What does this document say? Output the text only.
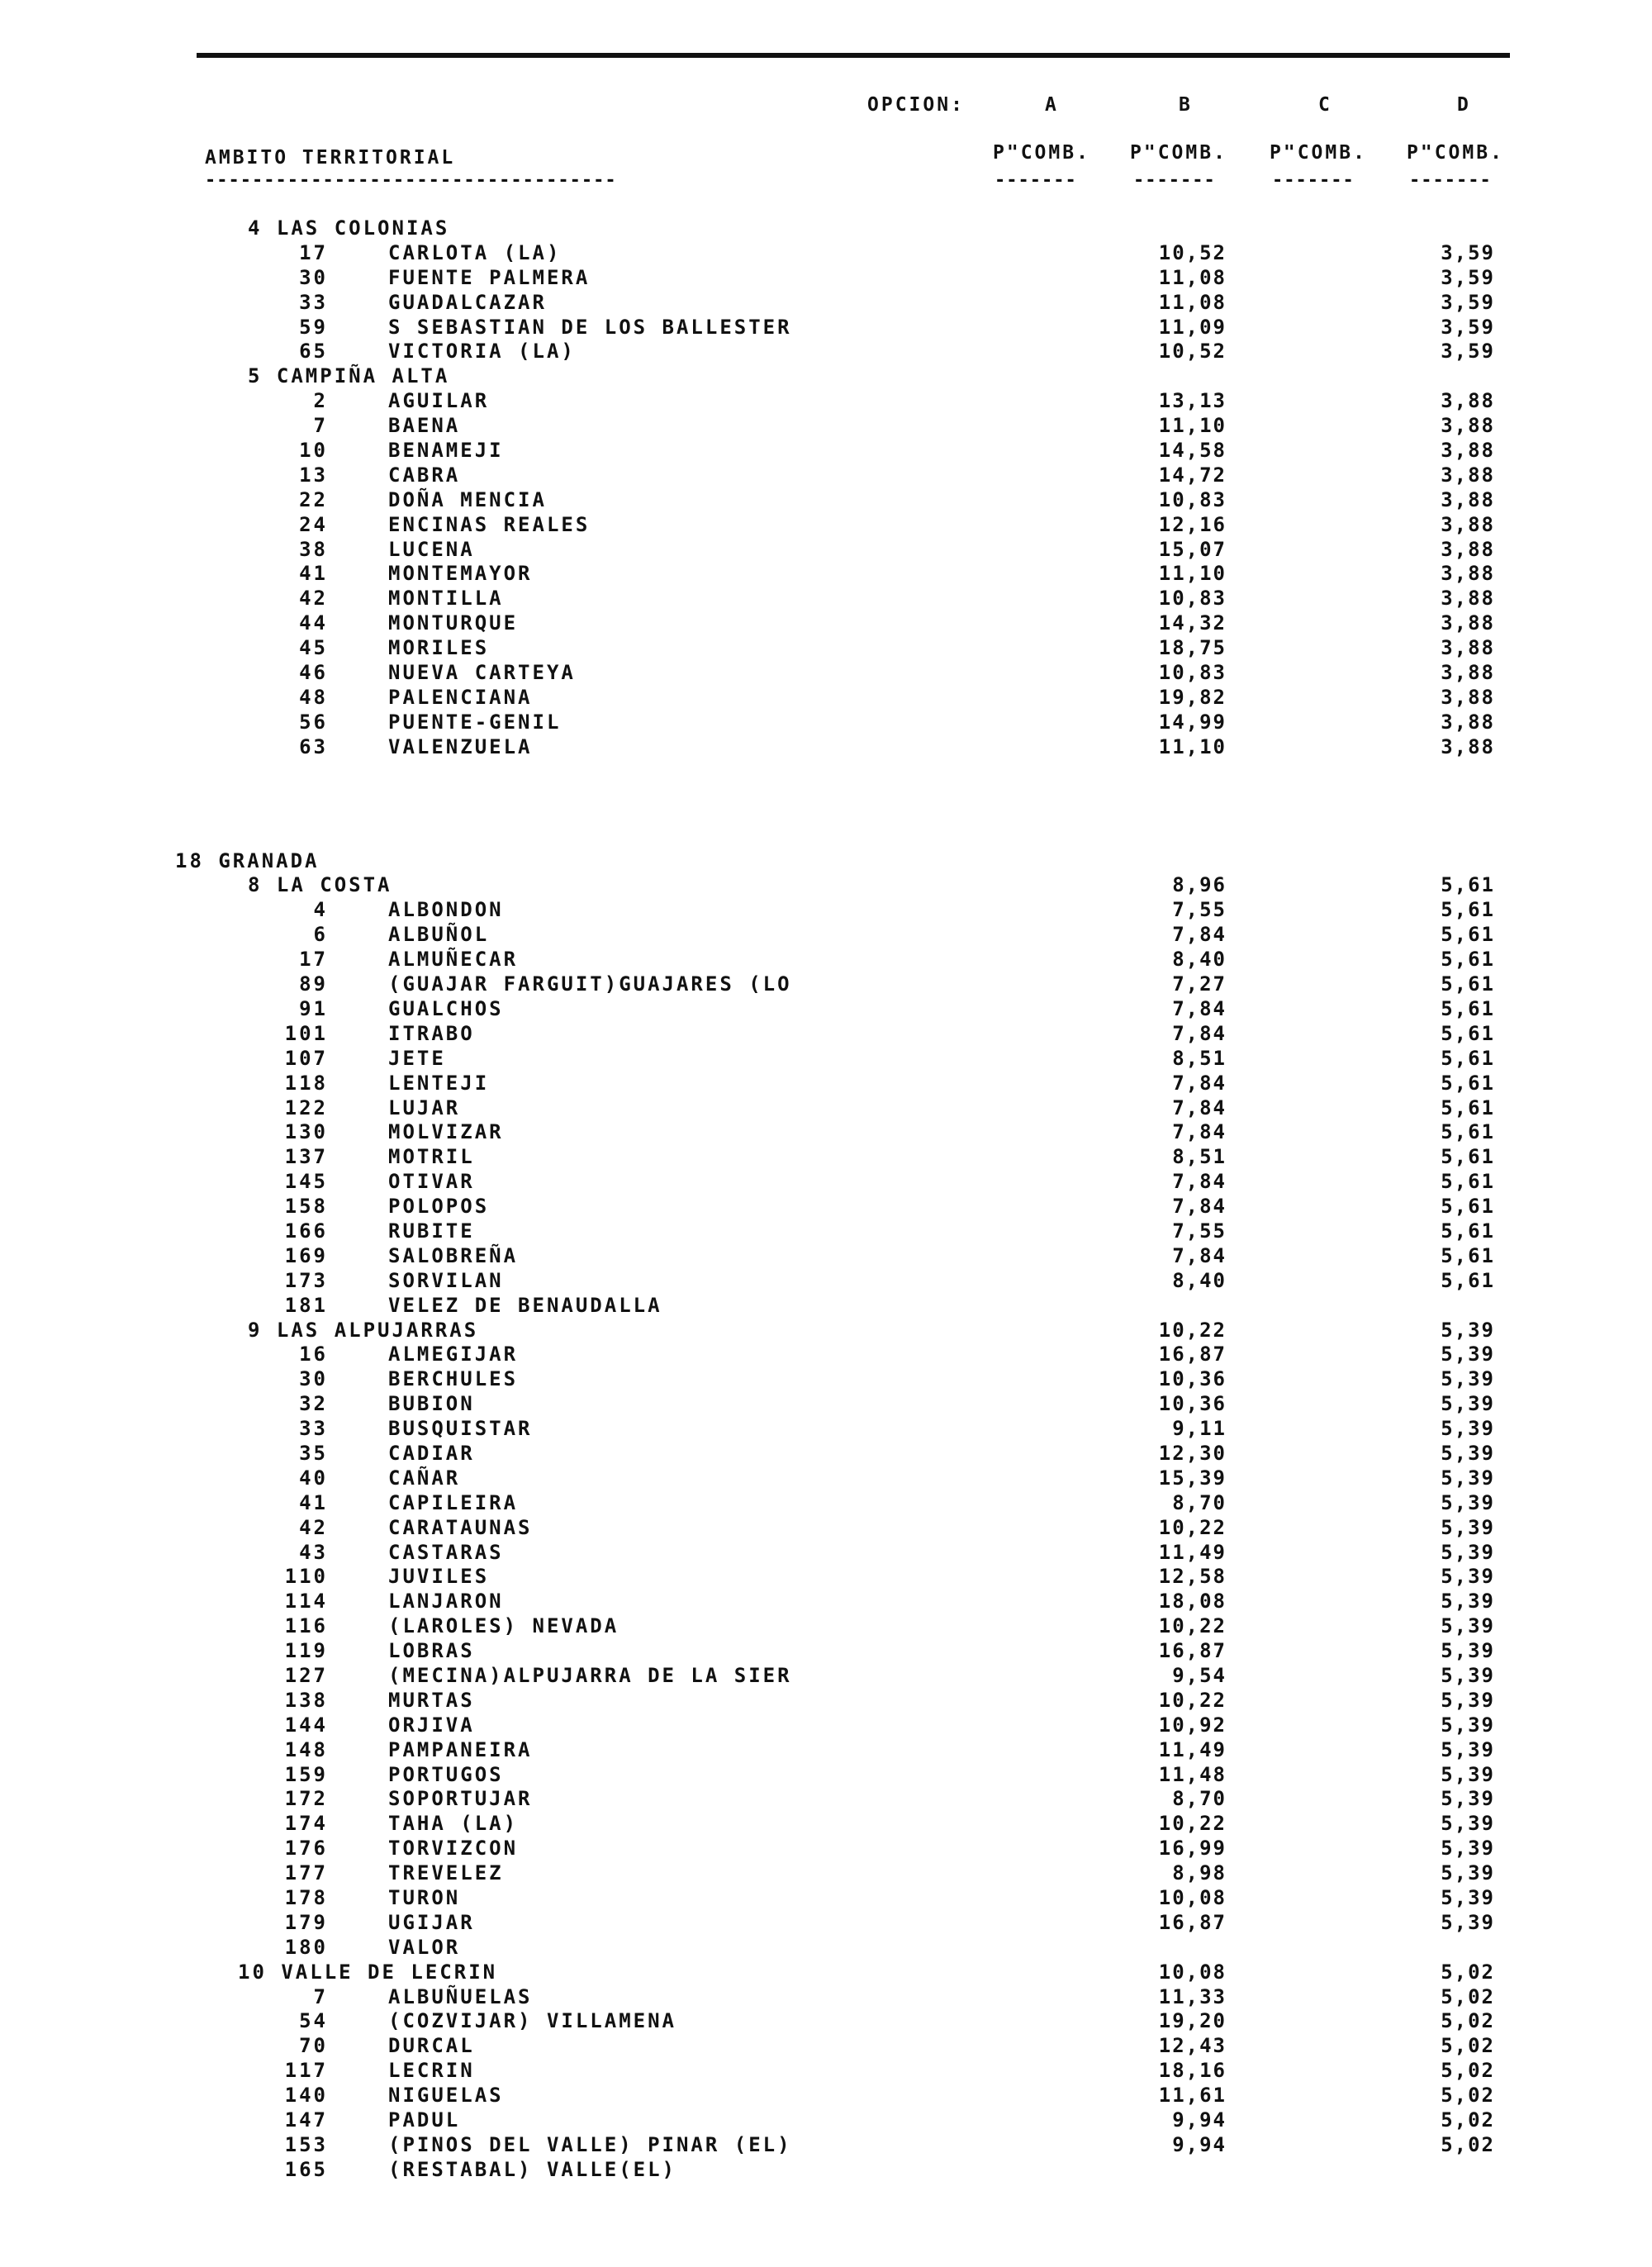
OPCION:	A	B	C	D
AMBITO TERRITORIAL	P"COMB. P"COMB. P"COMB. P"COMB.
-----------------------------------	-------	-------	-------	-------
4 LAS COLONIAS
17	CARLOTA (LA)	10,52	3,59
30	FUENTE PALMERA	11,08	3,59
33	GUADALCAZAR	11,08	3,59
59	S SEBASTIAN DE LOS BALLESTER	11,09	3,59
65	VICTORIA (LA)	10,52	3,59
5 CAMPIÑA ALTA
2	AGUILAR	13,13	3,88
7	BAENA	11,10	3,88
10	BENAMEJI	14,58	3,88
13	CABRA	14,72	3,88
22	DOÑA MENCIA	10,83	3,88
24	ENCINAS REALES	12,16	3,88
38	LUCENA	15,07	3,88
41	MONTEMAYOR	11,10	3,88
42	MONTILLA	10,83	3,88
44	MONTURQUE	14,32	3,88
45	MORILES	18,75	3,88
46	NUEVA CARTEYA	10,83	3,88
48	PALENCIANA	19,82	3,88
56	PUENTE-GENIL	14,99	3,88
63	VALENZUELA	11,10	3,88
18 GRANADA
8 LA COSTA	8,96	5,61
4	ALBONDON	7,55	5,61
6	ALBUÑOL	7,84	5,61
17	ALMUÑECAR	8,40	5,61
89	(GUAJAR FARGUIT)GUAJARES (LO	7,27	5,61
91	GUALCHOS	7,84	5,61
101	ITRABO	7,84	5,61
107	JETE	8,51	5,61
118	LENTEJI	7,84	5,61
122	LUJAR	7,84	5,61
130	MOLVIZAR	7,84	5,61
137	MOTRIL	8,51	5,61
145	OTIVAR	7,84	5,61
158	POLOPOS	7,84	5,61
166	RUBITE	7,55	5,61
169	SALOBREÑA	7,84	5,61
173	SORVILAN	8,40	5,61
181	VELEZ DE BENAUDALLA
9 LAS ALPUJARRAS	10,22	5,39
16	ALMEGIJAR	16,87	5,39
30	BERCHULES	10,36	5,39
32	BUBION	10,36	5,39
33	BUSQUISTAR	9,11	5,39
35	CADIAR	12,30	5,39
40	CAÑAR	15,39	5,39
41	CAPILEIRA	8,70	5,39
42	CARATAUNAS	10,22	5,39
43	CASTARAS	11,49	5,39
110	JUVILES	12,58	5,39
114	LANJARON	18,08	5,39
116	(LAROLES) NEVADA	10,22	5,39
119	LOBRAS	16,87	5,39
127	(MECINA)ALPUJARRA DE LA SIER	9,54	5,39
138	MURTAS	10,22	5,39
144	ORJIVA	10,92	5,39
148	PAMPANEIRA	11,49	5,39
159	PORTUGOS	11,48	5,39
172	SOPORTUJAR	8,70	5,39
174	TAHA (LA)	10,22	5,39
176	TORVIZCON	16,99	5,39
177	TREVELEZ	8,98	5,39
178	TURON	10,08	5,39
179	UGIJAR	16,87	5,39
180	VALOR
10 VALLE DE LECRIN	10,08	5,02
7	ALBUÑUELAS	11,33	5,02
54	(COZVIJAR) VILLAMENA	19,20	5,02
70	DURCAL	12,43	5,02
117	LECRIN	18,16	5,02
140	NIGUELAS	11,61	5,02
147	PADUL	9,94	5,02
153	(PINOS DEL VALLE) PINAR (EL)	9,94	5,02
165	(RESTABAL) VALLE(EL)
